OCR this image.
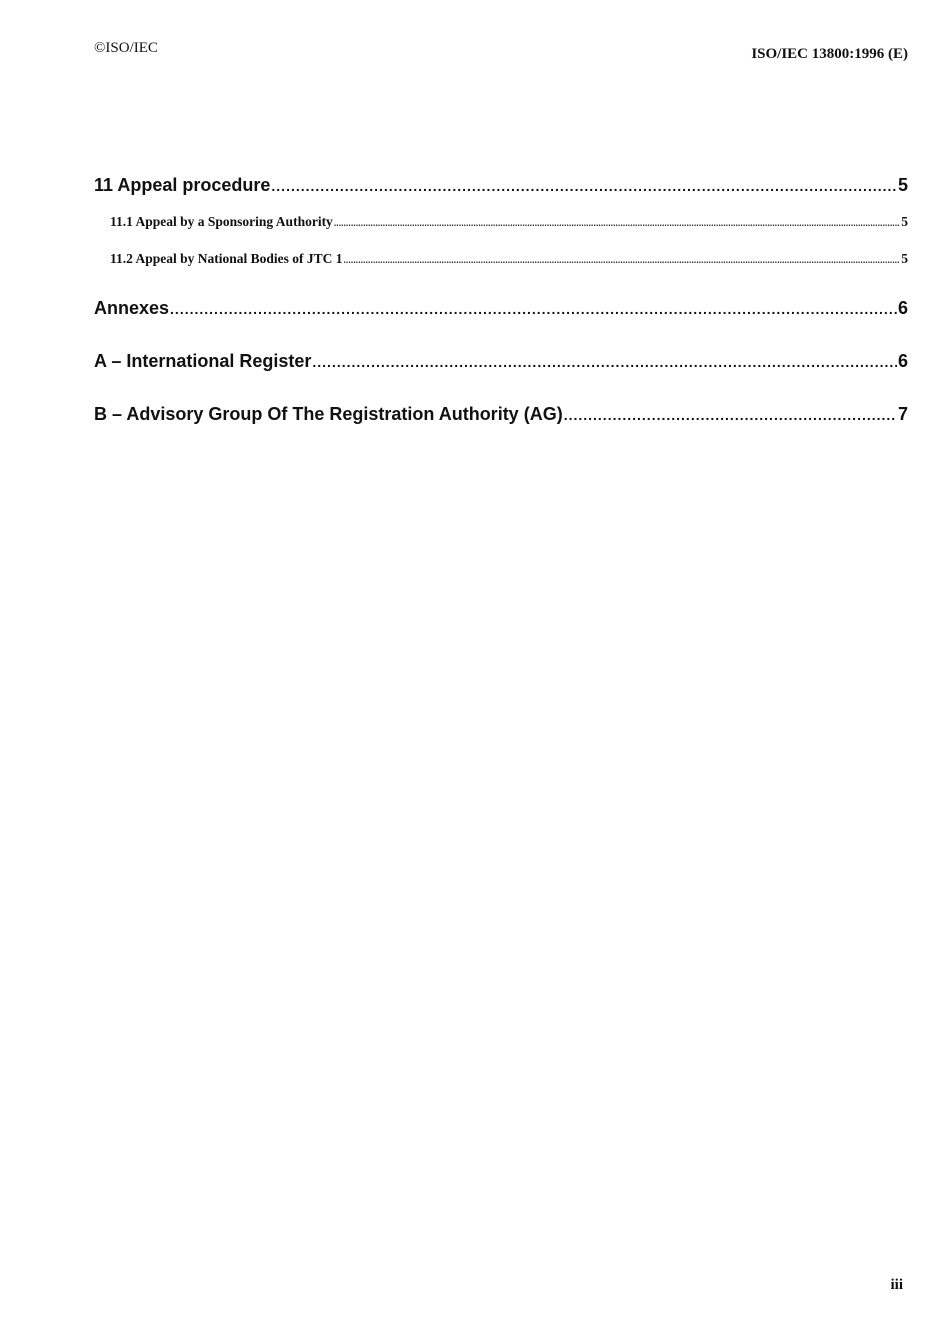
©ISO/IEC	ISO/IEC 13800:1996 (E)
11 Appeal procedure .....	5
11.1 Appeal by a Sponsoring Authority .....	5
11.2 Appeal by National Bodies of JTC 1 .....	5
Annexes .....	6
A – International Register .....	6
B – Advisory Group Of The Registration Authority (AG) .....	7
iii
